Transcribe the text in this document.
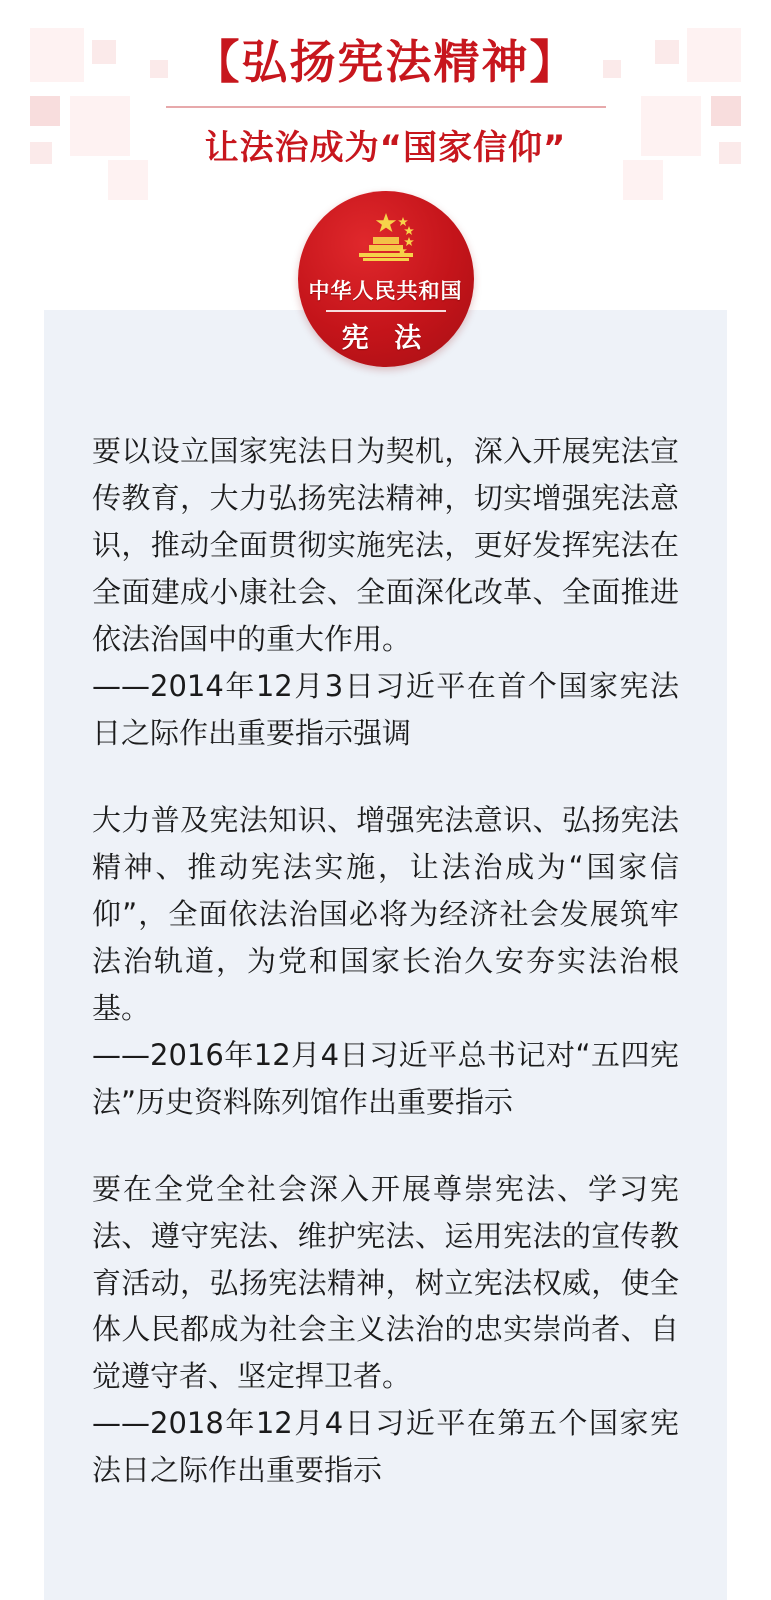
【弘扬宪法精神】
让法治成为“国家信仰”
中华人民共和国
宪 法
要以设立国家宪法日为契机，深入开展宪法宣传教育，大力弘扬宪法精神，切实增强宪法意识，推动全面贯彻实施宪法，更好发挥宪法在全面建成小康社会、全面深化改革、全面推进依法治国中的重大作用。
——2014年12月3日习近平在首个国家宪法日之际作出重要指示强调
大力普及宪法知识、增强宪法意识、弘扬宪法精神、推动宪法实施，让法治成为“国家信仰”，全面依法治国必将为经济社会发展筑牢法治轨道，为党和国家长治久安夯实法治根基。
——2016年12月4日习近平总书记对“五四宪法”历史资料陈列馆作出重要指示
要在全党全社会深入开展尊崇宪法、学习宪法、遵守宪法、维护宪法、运用宪法的宣传教育活动，弘扬宪法精神，树立宪法权威，使全体人民都成为社会主义法治的忠实崇尚者、自觉遵守者、坚定捍卫者。
——2018年12月4日习近平在第五个国家宪法日之际作出重要指示
